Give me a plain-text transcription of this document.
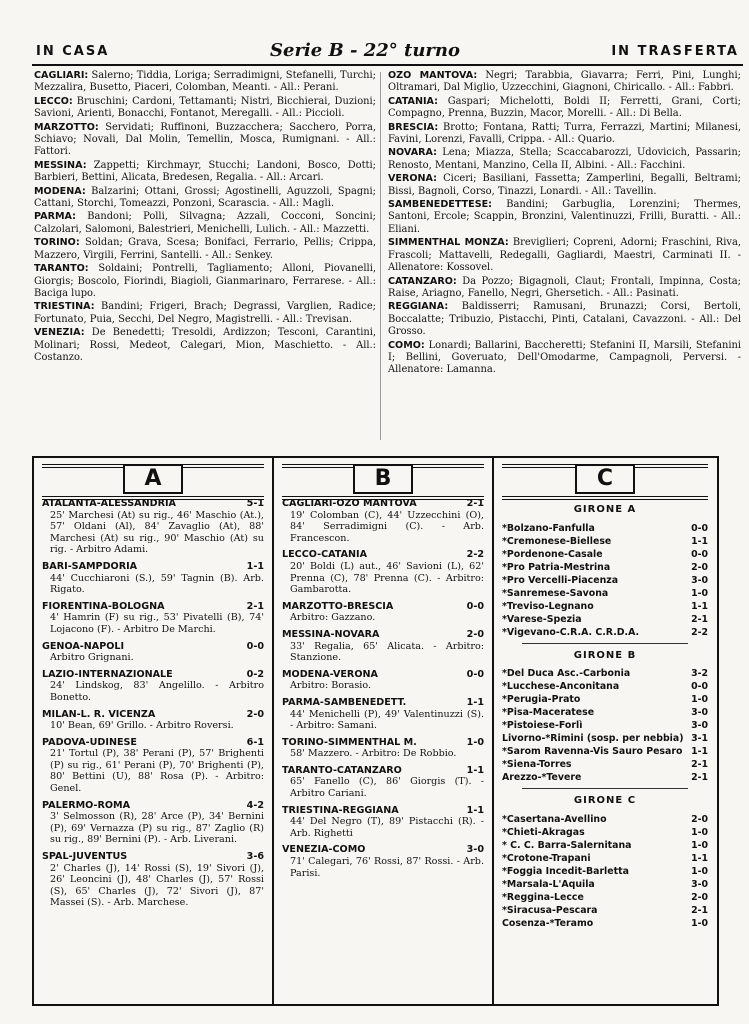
IN CASA	Serie B - 22° turno	IN TRASFERTA
CAGLIARI: Salerno; Tiddia, Loriga; Serradimigni, Stefanelli, Turchi; Mezzalira, Busetto, Piaceri, Colomban, Meanti. - All.: Perani.
LECCO: Bruschini; Cardoni, Tettamanti; Nistri, Bicchierai, Duzioni; Savioni, Arienti, Bonacchi, Fontanot, Meregalli. - All.: Piccioli.
MARZOTTO: Servidati; Ruffinoni, Buzzacchera; Sacchero, Porra, Schiavo; Novali, Dal Molin, Temellin, Mosca, Rumignani. - All.: Fattori.
MESSINA: Zappetti; Kirchmayr, Stucchi; Landoni, Bosco, Dotti; Barbieri, Bettini, Alicata, Bredesen, Regalia. - All.: Arcari.
MODENA: Balzarini; Ottani, Grossi; Agostinelli, Aguzzoli, Spagni; Cattani, Storchi, Tomeazzi, Ponzoni, Scarascia. - All.: Magli.
PARMA: Bandoni; Polli, Silvagna; Azzali, Cocconi, Soncini; Calzolari, Salomoni, Balestrieri, Menichelli, Lulich. - All.: Mazzetti.
TORINO: Soldan; Grava, Scesa; Bonifaci, Ferrario, Pellis; Crippa, Mazzero, Virgili, Ferrini, Santelli. - All.: Senkey.
TARANTO: Soldaini; Pontrelli, Tagliamento; Alloni, Piovanelli, Giorgis; Boscolo, Fiorindi, Biagioli, Gianmarinaro, Ferrarese. - All.: Baciga lupo.
TRIESTINA: Bandini; Frigeri, Brach; Degrassi, Varglien, Radice; Fortunato, Puia, Secchi, Del Negro, Magistrelli. - All.: Trevisan.
VENEZIA: De Benedetti; Tresoldi, Ardizzon; Tesconi, Carantini, Molinari; Rossi, Medeot, Calegari, Mion, Maschietto. - All.: Costanzo.
OZO MANTOVA: Negri; Tarabbia, Giavarra; Ferri, Pini, Lunghi; Oltramari, Dal Miglio, Uzzecchini, Giagnoni, Chiricallo. - All.: Fabbri.
CATANIA: Gaspari; Michelotti, Boldi II; Ferretti, Grani, Corti; Compagno, Prenna, Buzzin, Macor, Morelli. - All.: Di Bella.
BRESCIA: Brotto; Fontana, Ratti; Turra, Ferrazzi, Martini; Milanesi, Favini, Lorenzi, Favalli, Crippa. - All.: Quario.
NOVARA: Lena; Miazza, Stella; Scaccabarozzi, Udovicich, Passarin; Renosto, Mentani, Manzino, Cella II, Albini. - All.: Facchini.
VERONA: Ciceri; Basiliani, Fassetta; Zamperlini, Begalli, Beltrami; Bissi, Bagnoli, Corso, Tinazzi, Lonardi. - All.: Tavellin.
SAMBENEDETTESE: Bandini; Garbuglia, Lorenzini; Thermes, Santoni, Ercole; Scappin, Bronzini, Valentinuzzi, Frilli, Buratti. - All.: Eliani.
SIMMENTHAL MONZA: Breviglieri; Copreni, Adorni; Fraschini, Riva, Frascoli; Mattavelli, Redegalli, Gagliardi, Maestri, Carminati II. - Allenatore: Kossovel.
CATANZARO: Da Pozzo; Bigagnoli, Claut; Frontali, Impinna, Costa; Raise, Ariagno, Fanello, Negri, Ghersetich. - All.: Pasinati.
REGGIANA: Baldisserri; Ramusani, Brunazzi; Corsi, Bertoli, Boccalatte; Tribuzio, Pistacchi, Pinti, Catalani, Cavazzoni. - All.: Del Grosso.
COMO: Lonardi; Ballarini, Baccheretti; Stefanini II, Marsili, Stefanini I; Bellini, Goveruato, Dell'Omodarme, Campagnoli, Perversi. - Allenatore: Lamanna.
A
ATALANTA-ALESSANDRIA	5-1
25' Marchesi (At) su rig., 46' Maschio (At.), 57' Oldani (Al), 84' Zavaglio (At), 88' Marchesi (At) su rig., 90' Maschio (At) su rig. - Arbitro Adami.
BARI-SAMPDORIA	1-1
44' Cucchiaroni (S.), 59' Tagnin (B). Arb. Rigato.
FIORENTINA-BOLOGNA	2-1
4' Hamrin (F) su rig., 53' Pivatelli (B), 74' Lojacono (F). - Arbitro De Marchi.
GENOA-NAPOLI	0-0
Arbitro Grignani.
LAZIO-INTERNAZIONALE	0-2
24' Lindskog, 83' Angelillo. - Arbitro Bonetto.
MILAN-L. R. VICENZA	2-0
10' Bean, 69' Grillo. - Arbitro Roversi.
PADOVA-UDINESE	6-1
21' Tortul (P), 38' Perani (P), 57' Brighenti (P) su rig., 61' Perani (P), 70' Brighenti (P), 80' Bettini (U), 88' Rosa (P). - Arbitro: Genel.
PALERMO-ROMA	4-2
3' Selmosson (R), 28' Arce (P), 34' Bernini (P), 69' Vernazza (P) su rig., 87' Zaglio (R) su rig., 89' Bernini (P). - Arb. Liverani.
SPAL-JUVENTUS	3-6
2' Charles (J), 14' Rossi (S), 19' Sivori (J), 26' Leoncini (J), 48' Charles (J), 57' Rossi (S), 65' Charles (J), 72' Sivori (J), 87' Massei (S). - Arb. Marchese.
B
CAGLIARI-OZO MANTOVA	2-1
19' Colomban (C), 44' Uzzecchini (O), 84' Serradimigni (C). - Arb. Francescon.
LECCO-CATANIA	2-2
20' Boldi (L) aut., 46' Savioni (L), 62' Prenna (C), 78' Prenna (C). - Arbitro: Gambarotta.
MARZOTTO-BRESCIA	0-0
Arbitro: Gazzano.
MESSINA-NOVARA	2-0
33' Regalia, 65' Alicata. - Arbitro: Stanzione.
MODENA-VERONA	0-0
Arbitro: Borasio.
PARMA-SAMBENEDETT.	1-1
44' Menichelli (P), 49' Valentinuzzi (S). - Arbitro: Samani.
TORINO-SIMMENTHAL M.	1-0
58' Mazzero. - Arbitro: De Robbio.
TARANTO-CATANZARO	1-1
65' Fanello (C), 86' Giorgis (T). - Arbitro Cariani.
TRIESTINA-REGGIANA	1-1
44' Del Negro (T), 89' Pistacchi (R). - Arb. Righetti
VENEZIA-COMO	3-0
71' Calegari, 76' Rossi, 87' Rossi. - Arb. Parisi.
C
GIRONE A
*Bolzano-Fanfulla	0-0
*Cremonese-Biellese	1-1
*Pordenone-Casale	0-0
*Pro Patria-Mestrina	2-0
*Pro Vercelli-Piacenza	3-0
*Sanremese-Savona	1-0
*Treviso-Legnano	1-1
*Varese-Spezia	2-1
*Vigevano-C.R.A. C.R.D.A.	2-2
GIRONE B
*Del Duca Asc.-Carbonia	3-2
*Lucchese-Anconitana	0-0
*Perugia-Prato	1-0
*Pisa-Maceratese	3-0
*Pistoiese-Forlì	3-0
Livorno-*Rimini (sosp. per nebbia) 3-1
*Sarom Ravenna-Vis Sauro Pesaro 1-1
*Siena-Torres	2-1
Arezzo-*Tevere	2-1
GIRONE C
*Casertana-Avellino	2-0
*Chieti-Akragas	1-0
* C. C. Barra-Salernitana	1-0
*Crotone-Trapani	1-1
*Foggia Incedit-Barletta	1-0
*Marsala-L'Aquila	3-0
*Reggina-Lecce	2-0
*Siracusa-Pescara	2-1
Cosenza-*Teramo	1-0
